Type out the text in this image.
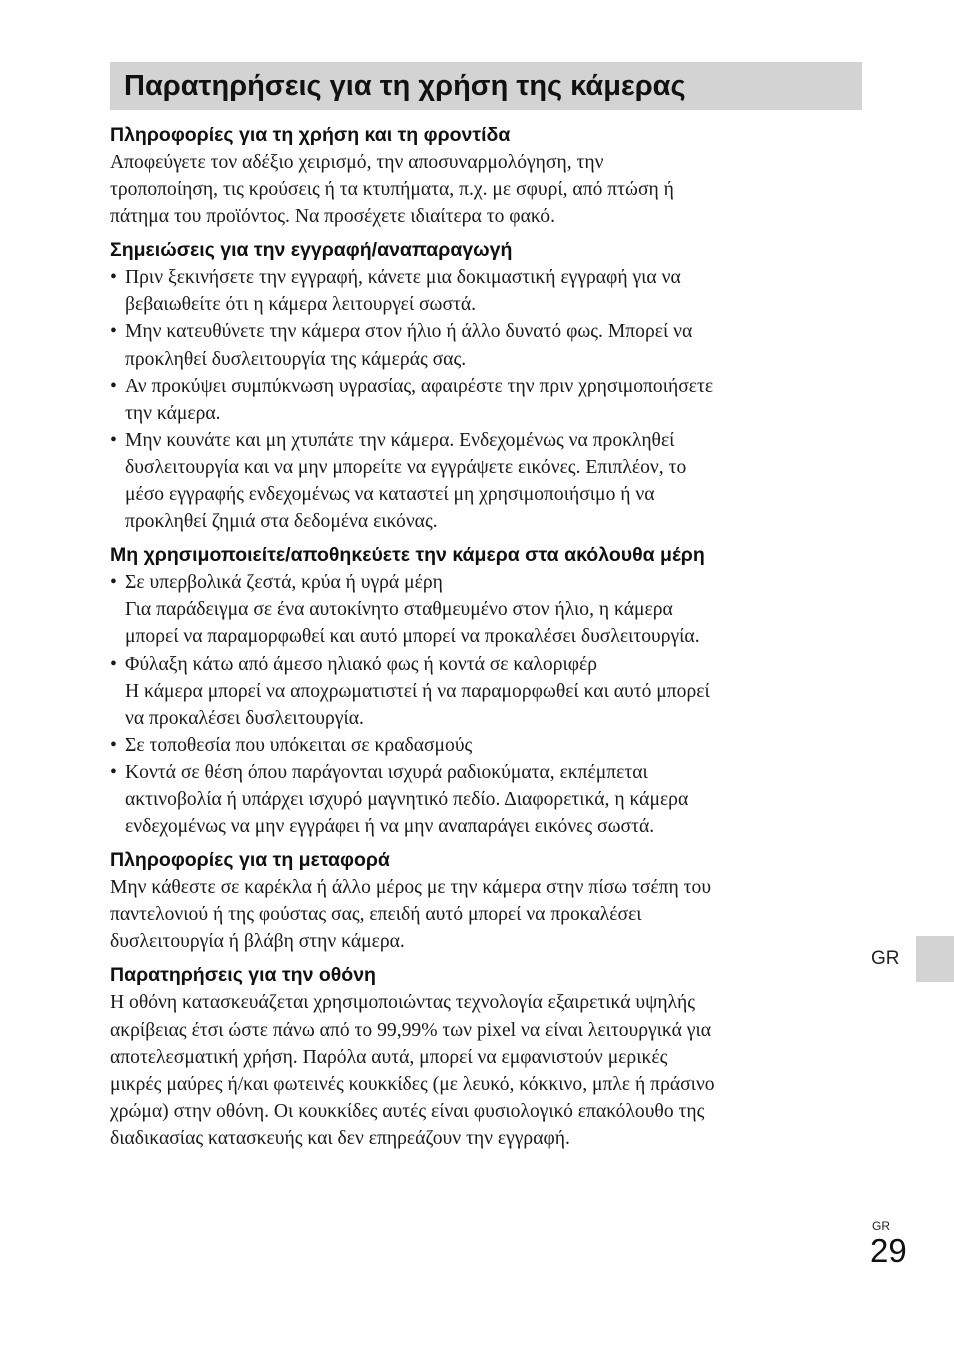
Παρατηρήσεις για τη χρήση της κάμερας
Πληροφορίες για τη χρήση και τη φροντίδα

Αποφεύγετε τον αδέξιο χειρισμό, την αποσυναρμολόγηση, την

τροποποίηση, τις κρούσεις ή τα κτυπήματα, π.χ. με σφυρί, από πτώση ή

πάτημα του προϊόντος. Να προσέχετε ιδιαίτερα το φακό.

Σημειώσεις για την εγγραφή/αναπαραγωγή

• Πριν ξεκινήσετε την εγγραφή, κάνετε μια δοκιμαστική εγγραφή για να

βεβαιωθείτε ότι η κάμερα λειτουργεί σωστά.

• Μην κατευθύνετε την κάμερα στον ήλιο ή άλλο δυνατό φως. Μπορεί να

προκληθεί δυσλειτουργία της κάμεράς σας.

• Αν προκύψει συμπύκνωση υγρασίας, αφαιρέστε την πριν χρησιμοποιήσετε

την κάμερα.

• Μην κουνάτε και μη χτυπάτε την κάμερα. Ενδεχομένως να προκληθεί

δυσλειτουργία και να μην μπορείτε να εγγράψετε εικόνες. Επιπλέον, το

μέσο εγγραφής ενδεχομένως να καταστεί μη χρησιμοποιήσιμο ή να

προκληθεί ζημιά στα δεδομένα εικόνας.

Μη χρησιμοποιείτε/αποθηκεύετε την κάμερα στα ακόλουθα μέρη

• Σε υπερβολικά ζεστά, κρύα ή υγρά μέρη

Για παράδειγμα σε ένα αυτοκίνητο σταθμευμένο στον ήλιο, η κάμερα

μπορεί να παραμορφωθεί και αυτό μπορεί να προκαλέσει δυσλειτουργία.

• Φύλαξη κάτω από άμεσο ηλιακό φως ή κοντά σε καλοριφέρ

Η κάμερα μπορεί να αποχρωματιστεί ή να παραμορφωθεί και αυτό μπορεί

να προκαλέσει δυσλειτουργία.

• Σε τοποθεσία που υπόκειται σε κραδασμούς

• Κοντά σε θέση όπου παράγονται ισχυρά ραδιοκύματα, εκπέμπεται

ακτινοβολία ή υπάρχει ισχυρό μαγνητικό πεδίο. Διαφορετικά, η κάμερα

ενδεχομένως να μην εγγράφει ή να μην αναπαράγει εικόνες σωστά.

Πληροφορίες για τη μεταφορά

Μην κάθεστε σε καρέκλα ή άλλο μέρος με την κάμερα στην πίσω τσέπη του

παντελονιού ή της φούστας σας, επειδή αυτό μπορεί να προκαλέσει

δυσλειτουργία ή βλάβη στην κάμερα.

Παρατηρήσεις για την οθόνη

Η οθόνη κατασκευάζεται χρησιμοποιώντας τεχνολογία εξαιρετικά υψηλής

ακρίβειας έτσι ώστε πάνω από το 99,99% των pixel να είναι λειτουργικά για

αποτελεσματική χρήση. Παρόλα αυτά, μπορεί να εμφανιστούν μερικές

μικρές μαύρες ή/και φωτεινές κουκκίδες (με λευκό, κόκκινο, μπλε ή πράσινο

χρώμα) στην οθόνη. Οι κουκκίδες αυτές είναι φυσιολογικό επακόλουθο της

διαδικασίας κατασκευής και δεν επηρεάζουν την εγγραφή.

GR
GR
29
